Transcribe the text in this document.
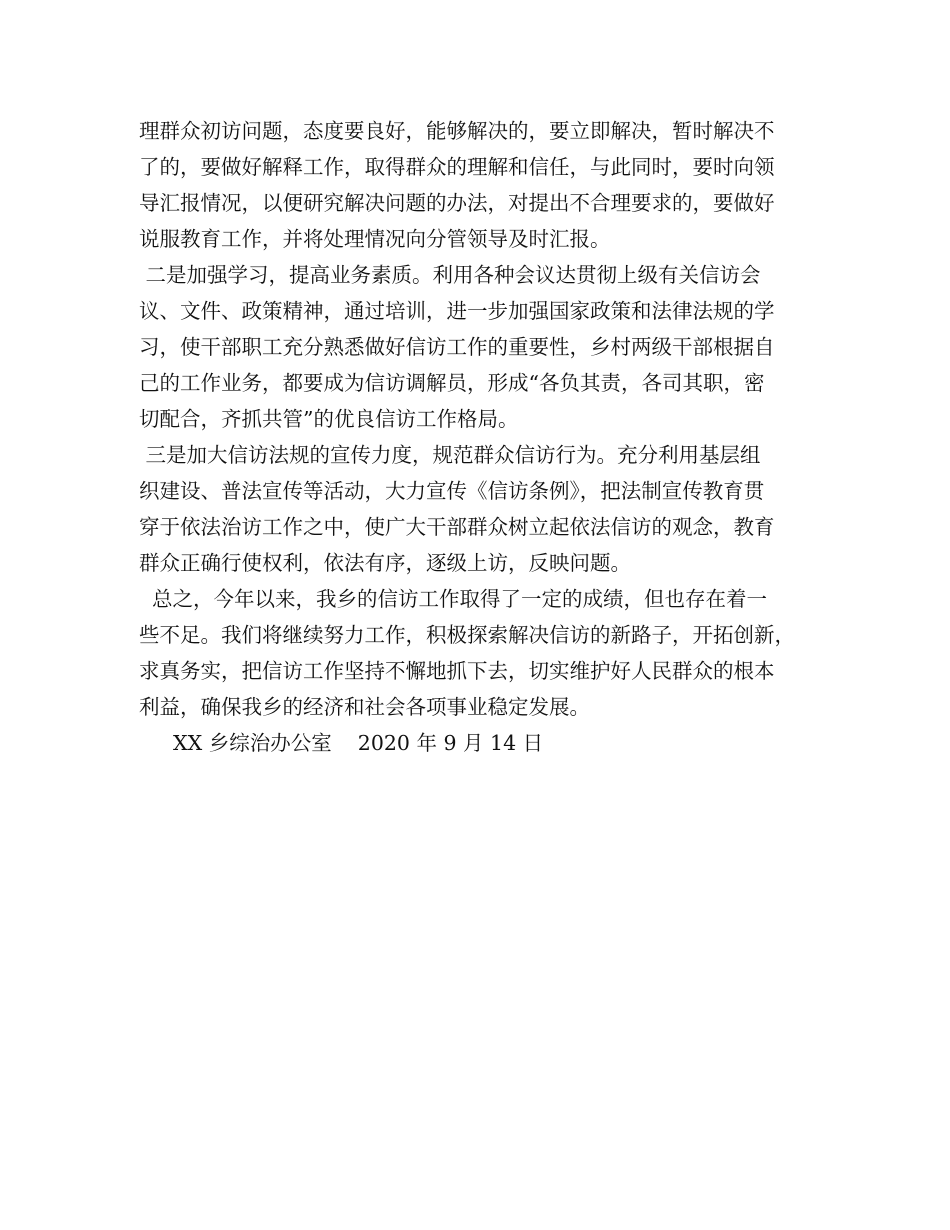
理群众初访问题，态度要良好，能够解决的，要立即解决，暂时解决不
了的，要做好解释工作，取得群众的理解和信任，与此同时，要时向领
导汇报情况，以便研究解决问题的办法，对提出不合理要求的，要做好
说服教育工作，并将处理情况向分管领导及时汇报。
二是加强学习，提高业务素质。利用各种会议达贯彻上级有关信访会
议、文件、政策精神，通过培训，进一步加强国家政策和法律法规的学
习，使干部职工充分熟悉做好信访工作的重要性，乡村两级干部根据自
己的工作业务，都要成为信访调解员，形成“各负其责，各司其职，密
切配合，齐抓共管”的优良信访工作格局。
三是加大信访法规的宣传力度，规范群众信访行为。充分利用基层组
织建设、普法宣传等活动，大力宣传《信访条例》，把法制宣传教育贯
穿于依法治访工作之中，使广大干部群众树立起依法信访的观念，教育
群众正确行使权利，依法有序，逐级上访，反映问题。
总之，今年以来，我乡的信访工作取得了一定的成绩，但也存在着一
些不足。我们将继续努力工作，积极探索解决信访的新路子，开拓创新，
求真务实，把信访工作坚持不懈地抓下去，切实维护好人民群众的根本
利益，确保我乡的经济和社会各项事业稳定发展。
XX 乡综治办公室    2020 年 9 月 14 日
